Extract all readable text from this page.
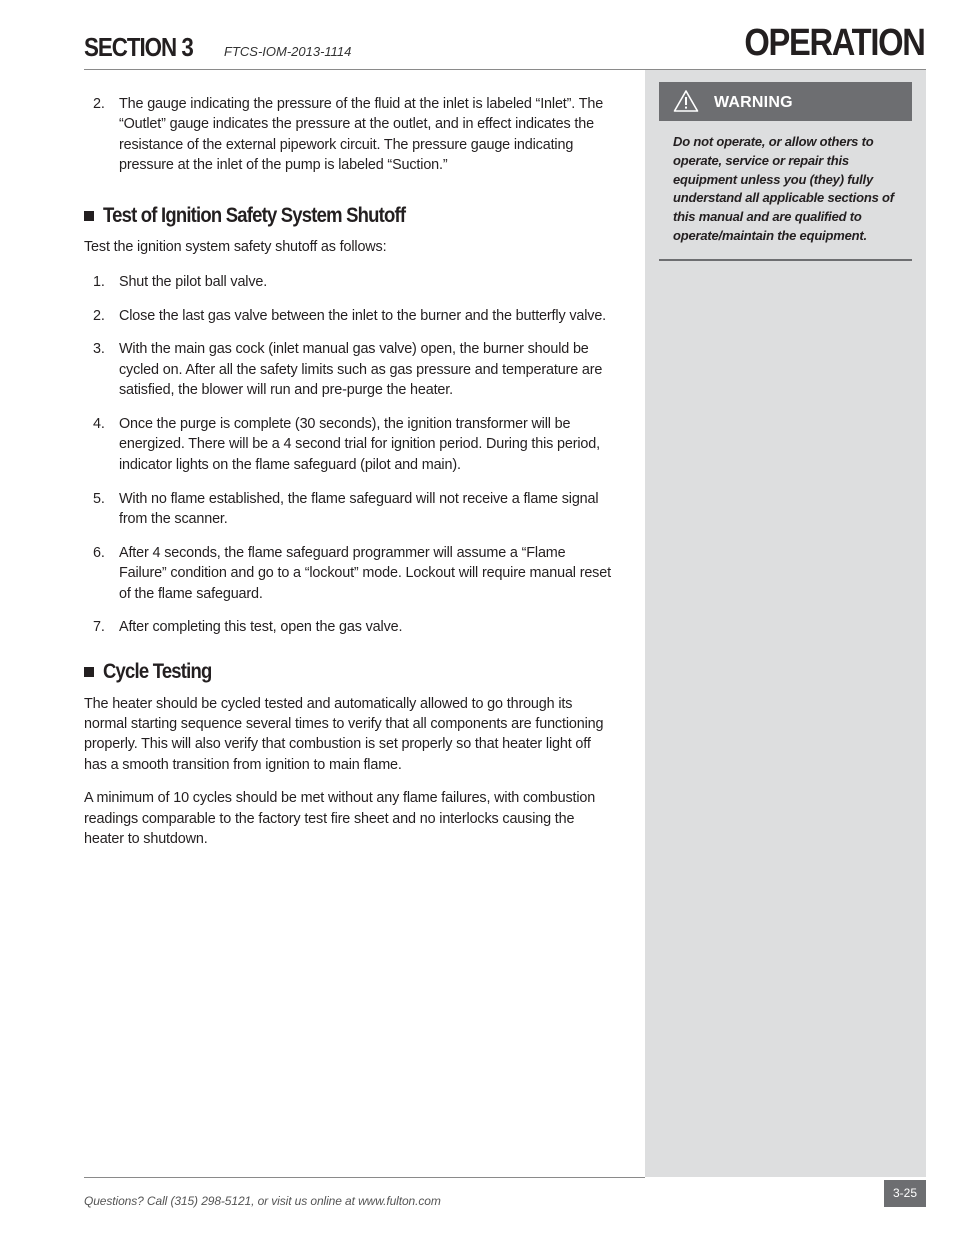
SECTION 3 FTCS-IOM-2013-1114	OPERATION
WARNING
Do not operate, or allow others to operate, service or repair this equipment unless you (they) fully understand all applicable sections of this manual and are qualified to operate/maintain the equipment.
2. The gauge indicating the pressure of the fluid at the inlet is labeled “Inlet”. The “Outlet” gauge indicates the pressure at the outlet, and in effect indicates the resistance of the external pipework circuit. The pressure gauge indicating pressure at the inlet of the pump is labeled “Suction.”
Test of Ignition Safety System Shutoff

Test the ignition system safety shutoff as follows:

1. Shut the pilot ball valve.
2. Close the last gas valve between the inlet to the burner and the butterfly valve.
3. With the main gas cock (inlet manual gas valve) open, the burner should be cycled on. After all the safety limits such as gas pressure and temperature are satisfied, the blower will run and pre-purge the heater.
4. Once the purge is complete (30 seconds), the ignition transformer will be energized. There will be a 4 second trial for ignition period. During this period, indicator lights on the flame safeguard (pilot and main).
5. With no flame established, the flame safeguard will not receive a flame signal from the scanner.
6. After 4 seconds, the flame safeguard programmer will assume a “Flame Failure” condition and go to a “lockout” mode. Lockout will require manual reset of the flame safeguard.
7. After completing this test, open the gas valve.
Cycle Testing

The heater should be cycled tested and automatically allowed to go through its normal starting sequence several times to verify that all components are functioning properly. This will also verify that combustion is set properly so that heater light off has a smooth transition from ignition to main flame.

A minimum of 10 cycles should be met without any flame failures, with combustion readings comparable to the factory test fire sheet and no interlocks causing the heater to shutdown.

Questions? Call (315) 298-5121, or visit us online at www.fulton.com
3-25
